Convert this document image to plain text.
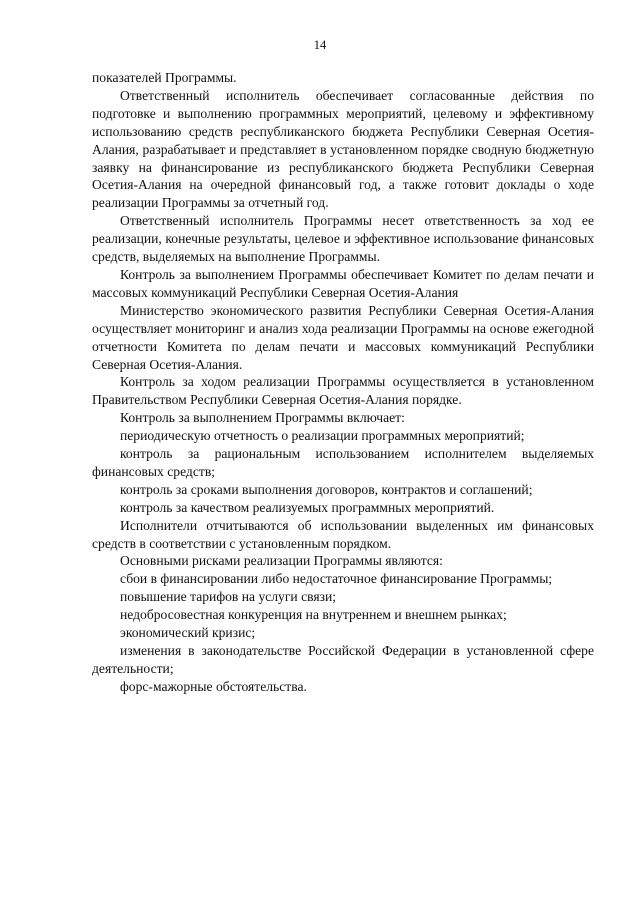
14

показателей Программы.

Ответственный исполнитель обеспечивает согласованные действия по подготовке и выполнению программных мероприятий, целевому и эффективному использованию средств республиканского бюджета Республики Северная Осетия-Алания, разрабатывает и представляет в установленном порядке сводную бюджетную заявку на финансирование из республиканского бюджета Республики Северная Осетия-Алания на очередной финансовый год, а также готовит доклады о ходе реализации Программы за отчетный год.

Ответственный исполнитель Программы несет ответственность за ход ее реализации, конечные результаты, целевое и эффективное использование финансовых средств, выделяемых на выполнение Программы.

Контроль за выполнением Программы обеспечивает Комитет по делам печати и массовых коммуникаций Республики Северная Осетия-Алания

Министерство экономического развития Республики Северная Осетия-Алания осуществляет мониторинг и анализ хода реализации Программы на основе ежегодной отчетности Комитета по делам печати и массовых коммуникаций Республики Северная Осетия-Алания.

Контроль за ходом реализации Программы осуществляется в установленном Правительством Республики Северная Осетия-Алания порядке.

Контроль за выполнением Программы включает:

периодическую отчетность о реализации программных мероприятий;

контроль за рациональным использованием исполнителем выделяемых финансовых средств;

контроль за сроками выполнения договоров, контрактов и соглашений;

контроль за качеством реализуемых программных мероприятий.

Исполнители отчитываются об использовании выделенных им финансовых средств в соответствии с установленным порядком.

Основными рисками реализации Программы являются:

сбои в финансировании либо недостаточное финансирование Программы;

повышение тарифов на услуги связи;

недобросовестная конкуренция на внутреннем и внешнем рынках;

экономический кризис;

изменения в законодательстве Российской Федерации в установленной сфере деятельности;

форс-мажорные обстоятельства.
